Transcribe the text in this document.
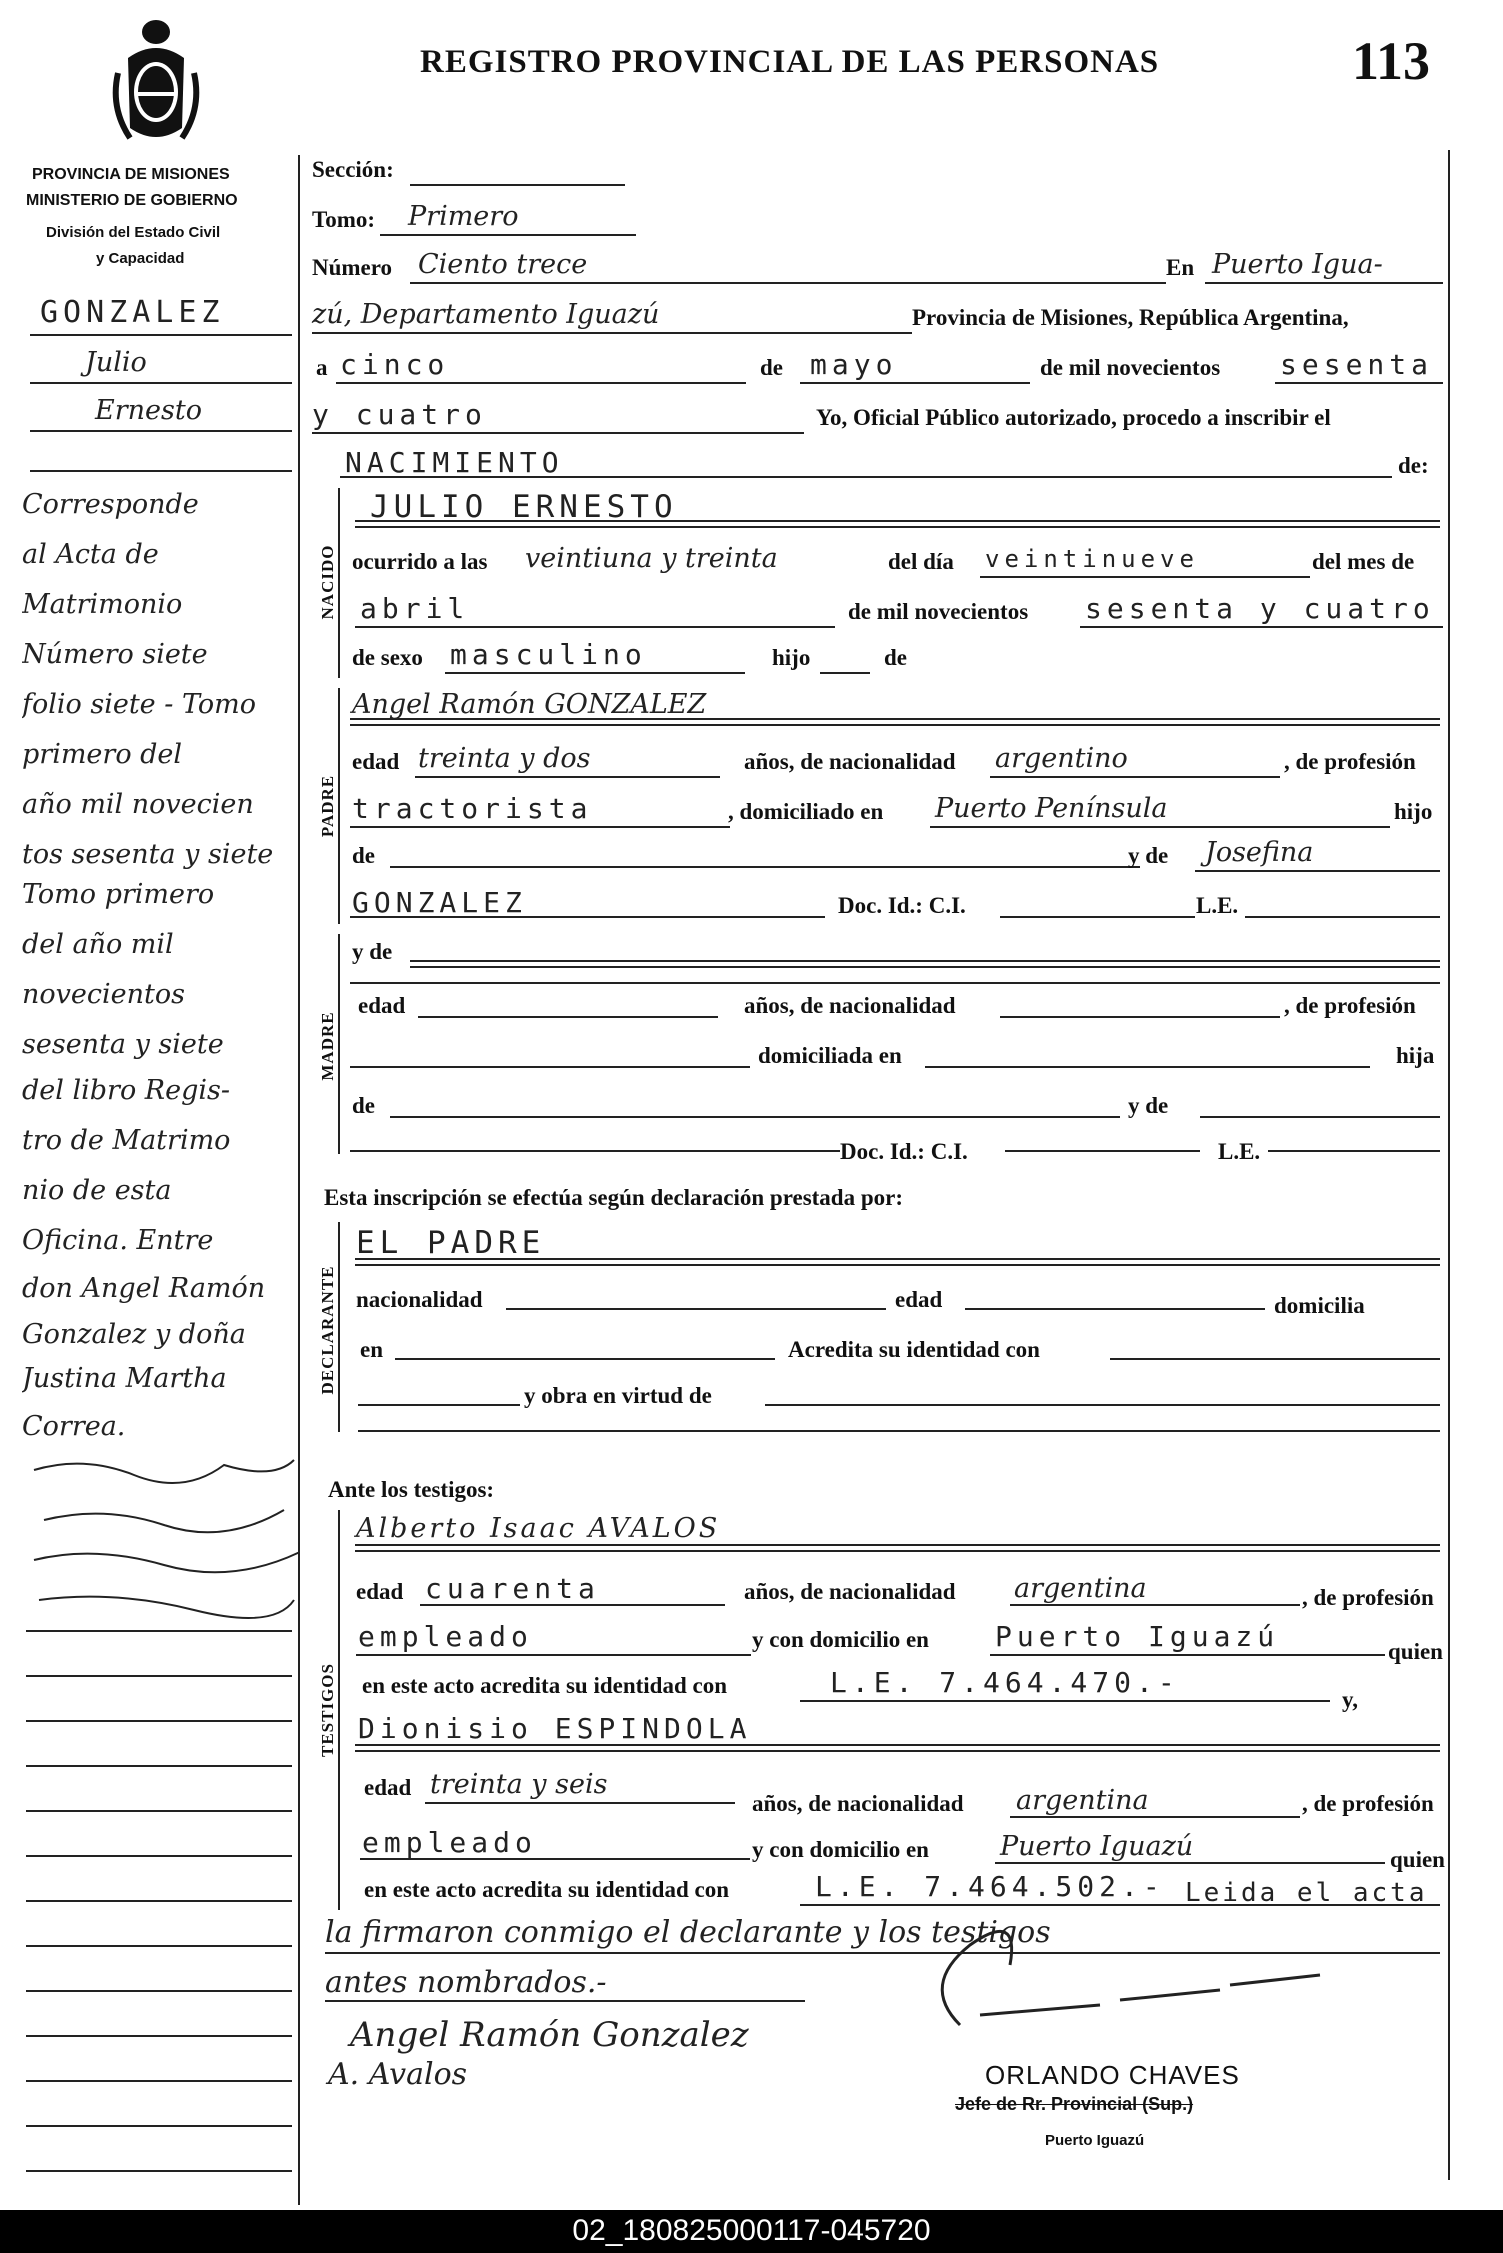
REGISTRO PROVINCIAL DE LAS PERSONAS	113
PROVINCIA DE MISIONES
MINISTERIO DE GOBIERNO
División del Estado Civil
y Capacidad
GONZALEZ
Julio
Ernesto
Corresponde
al Acta de
Matrimonio
Número siete
folio siete - Tomo
primero del
año mil novecien
tos sesenta y siete
Tomo primero
del año mil
novecientos
sesenta y siete
del libro Regis-
tro de Matrimo
nio de esta
Oficina. Entre
don Angel Ramón
Gonzalez y doña
Justina Martha
Correa.
Sección:
Tomo: Primero
Número Ciento trece	En Puerto Igua-
zú, Departamento Iguazú	Provincia de Misiones, República Argentina,
a cinco	de mayo	de mil novecientos sesenta
y cuatro	Yo, Oficial Público autorizado, procedo a inscribir el
NACIMIENTO	de:
NACIDO
JULIO ERNESTO
ocurrido a las veintiuna y treinta	del día veintinueve	del mes de
abril	de mil novecientos sesenta y cuatro
de sexo masculino	hijo	de
PADRE
Angel Ramón GONZALEZ
edad treinta y dos	años, de nacionalidad argentino	, de profesión
tractorista	, domiciliado en Puerto Península	hijo
de	y de Josefina
GONZALEZ	Doc. Id.: C.I.	L.E.
MADRE
y de
edad	años, de nacionalidad	, de profesión
domiciliada en	hija
de	y de
Doc. Id.: C.I.	L.E.
Esta inscripción se efectúa según declaración prestada por:
DECLARANTE
EL PADRE
nacionalidad	edad	domicilia
en	Acredita su identidad con
y obra en virtud de
Ante los testigos:
TESTIGOS
Alberto Isaac AVALOS
edad cuarenta	años, de nacionalidad argentina	, de profesión
empleado	y con domicilio en Puerto Iguazú	quien
en este acto acredita su identidad con	L.E. 7.464.470.-
y,
Dionisio ESPINDOLA
edad treinta y seis
años, de nacionalidad argentina	, de profesión
empleado	y con domicilio en	Puerto Iguazú	quien
en este acto acredita su identidad con	L.E. 7.464.502.- Leida el acta
la firmaron conmigo el declarante y los testigos
antes nombrados.-
Angel Ramón Gonzalez
A. Avalos	ORLANDO CHAVES
Jefe de Rr. Provincial (Sup.)
Puerto Iguazú
02_180825000117-045720
